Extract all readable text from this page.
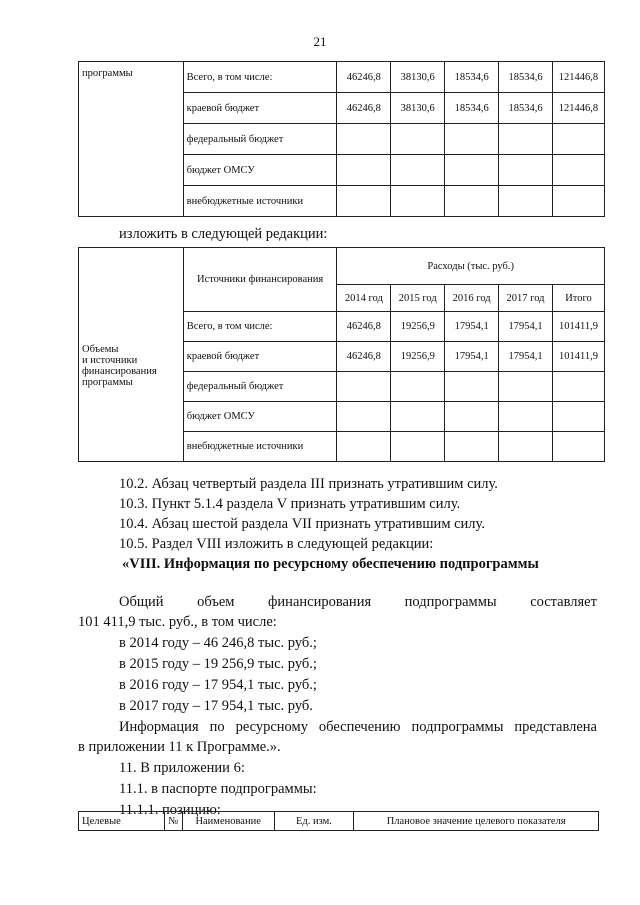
21
программы	Всего, в том числе:	46246,8	38130,6	18534,6	18534,6	121446,8
	краевой бюджет	46246,8	38130,6	18534,6	18534,6	121446,8
	федеральный бюджет					
	бюджет ОМСУ					
	внебюджетные источники					
изложить в следующей редакции:
Объемы
и источники
финансирования
программы	Источники финансирования	Расходы (тыс. руб.)				
		2014 год	2015 год	2016 год	2017 год	Итого
	Всего, в том числе:	46246,8	19256,9	17954,1	17954,1	101411,9
	краевой бюджет	46246,8	19256,9	17954,1	17954,1	101411,9
	федеральный бюджет					
	бюджет ОМСУ					
	внебюджетные источники					
10.2. Абзац четвертый раздела III признать утратившим силу.
10.3. Пункт 5.1.4 раздела V признать утратившим силу.
10.4. Абзац шестой раздела VII признать утратившим силу.
10.5. Раздел VIII изложить в следующей редакции:
«VIII. Информация по ресурсному обеспечению подпрограммы
Общий объем финансирования подпрограммы составляет
101 411,9 тыс. руб., в том числе:
в 2014 году – 46 246,8 тыс. руб.;
в 2015 году – 19 256,9 тыс. руб.;
в 2016 году – 17 954,1 тыс. руб.;
в 2017 году – 17 954,1 тыс. руб.
Информация по ресурсному обеспечению подпрограммы представлена
в приложении 11 к Программе.».
11. В приложении 6:
11.1. в паспорте подпрограммы:
11.1.1. позицию:
Целевые	№	Наименование	Ед. изм.	Плановое значение целевого показателя
